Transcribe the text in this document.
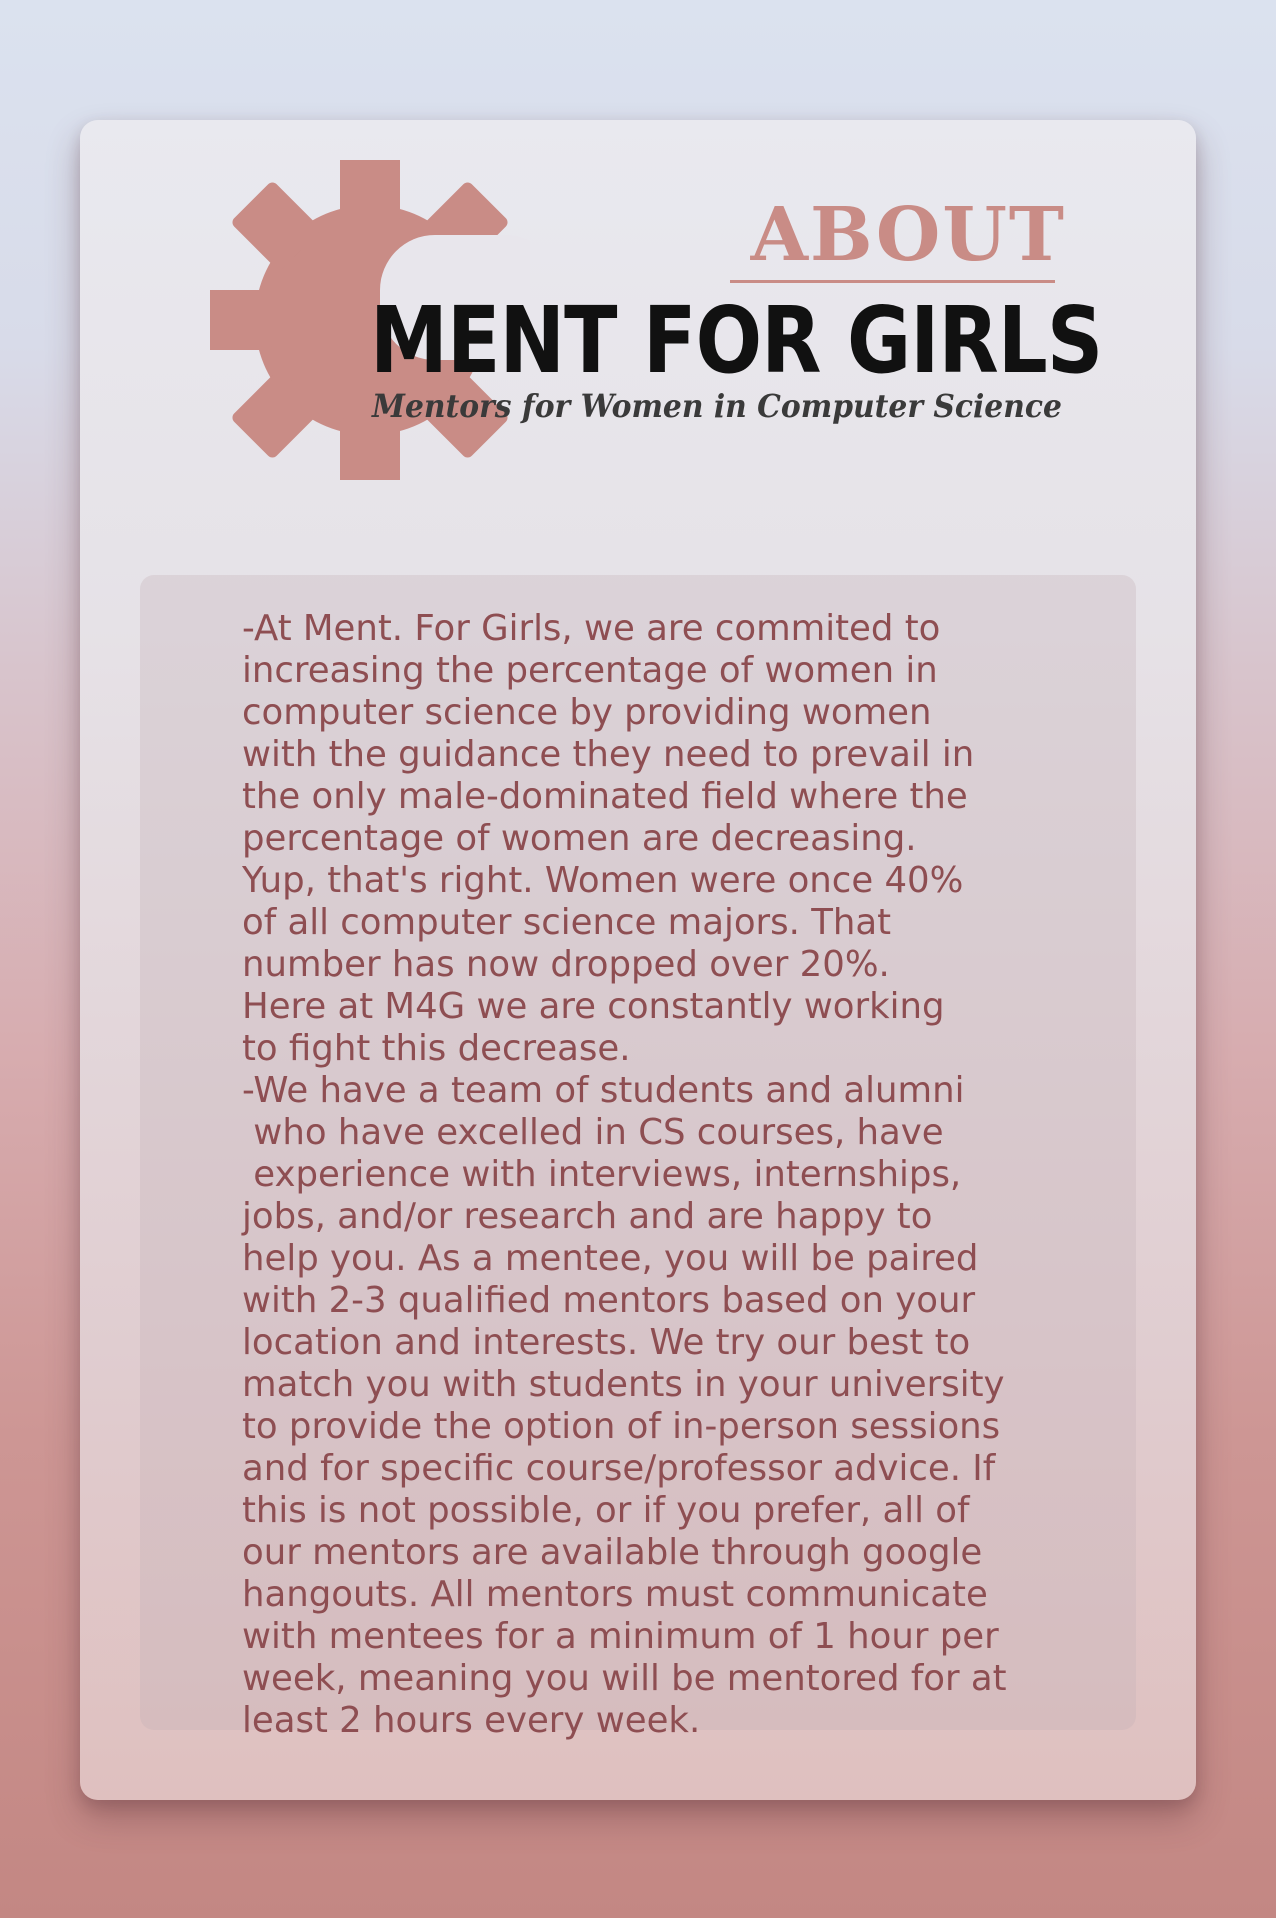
ABOUT
MENT FOR GIRLS

Mentors for Women in Computer Science

-At Ment. For Girls, we are commited to
increasing the percentage of women in
computer science by providing women
with the guidance they need to prevail in
the only male-dominated field where the
percentage of women are decreasing.
Yup, that's right. Women were once 40%
of all computer science majors. That
number has now dropped over 20%.
Here at M4G we are constantly working
to fight this decrease.
-We have a team of students and alumni
who have excelled in CS courses, have
experience with interviews, internships,
jobs, and/or research and are happy to
help you. As a mentee, you will be paired
with 2-3 qualified mentors based on your
location and interests. We try our best to
match you with students in your university
to provide the option of in-person sessions
and for specific course/professor advice. If
this is not possible, or if you prefer, all of
our mentors are available through google
hangouts. All mentors must communicate
with mentees for a minimum of 1 hour per
week, meaning you will be mentored for at
least 2 hours every week.
